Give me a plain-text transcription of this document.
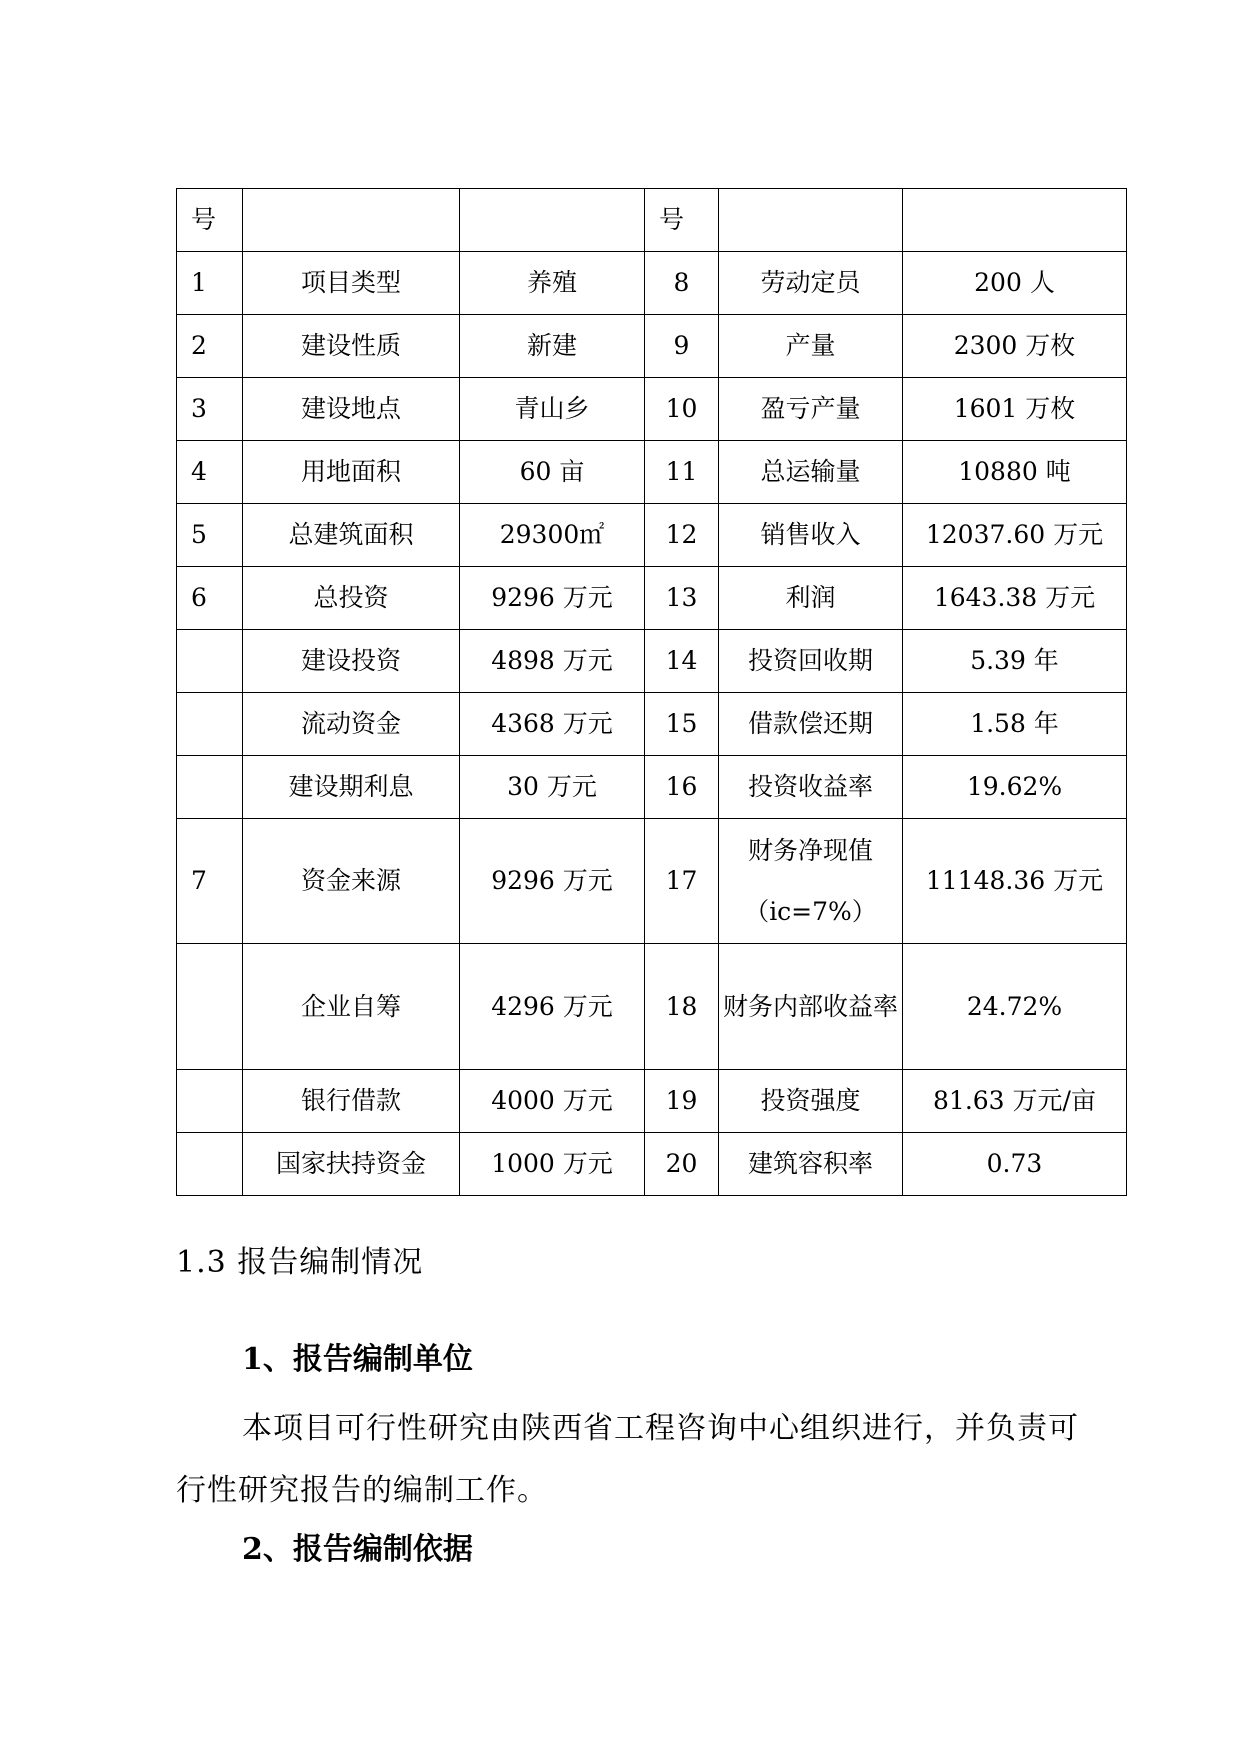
号			号		
1	项目类型	养殖	8	劳动定员	200 人
2	建设性质	新建	9	产量	2300 万枚
3	建设地点	青山乡	10	盈亏产量	1601 万枚
4	用地面积	60 亩	11	总运输量	10880 吨
5	总建筑面积	29300㎡	12	销售收入	12037.60 万元
6	总投资	9296 万元	13	利润	1643.38 万元
	建设投资	4898 万元	14	投资回收期	5.39 年
	流动资金	4368 万元	15	借款偿还期	1.58 年
	建设期利息	30 万元	16	投资收益率	19.62%
7	资金来源	9296 万元	17	财务净现值（ic=7%）	11148.36 万元
	企业自筹	4296 万元	18	财务内部收益率	24.72%
	银行借款	4000 万元	19	投资强度	81.63 万元/亩
	国家扶持资金	1000 万元	20	建筑容积率	0.73
1.3 报告编制情况
1、报告编制单位
本项目可行性研究由陕西省工程咨询中心组织进行，并负责可行性研究报告的编制工作。
2、报告编制依据
